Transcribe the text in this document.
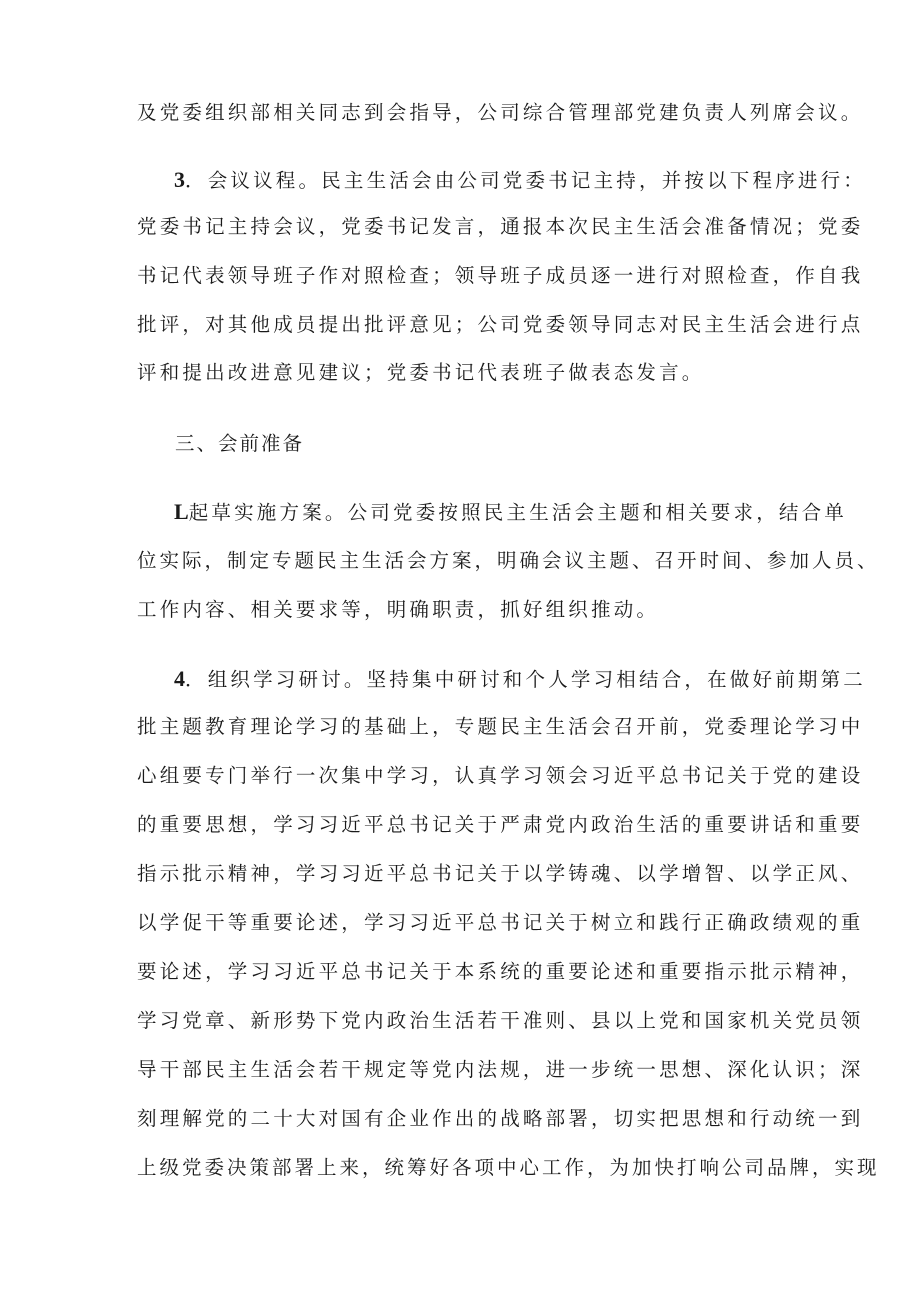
及党委组织部相关同志到会指导，公司综合管理部党建负责人列席会议。
3．会议议程。民主生活会由公司党委书记主持，并按以下程序进行：
党委书记主持会议，党委书记发言，通报本次民主生活会准备情况；党委
书记代表领导班子作对照检查；领导班子成员逐一进行对照检查，作自我
批评，对其他成员提出批评意见；公司党委领导同志对民主生活会进行点
评和提出改进意见建议；党委书记代表班子做表态发言。
三、会前准备
L起草实施方案。公司党委按照民主生活会主题和相关要求，结合单
位实际，制定专题民主生活会方案，明确会议主题、召开时间、参加人员、
工作内容、相关要求等，明确职责，抓好组织推动。
4．组织学习研讨。坚持集中研讨和个人学习相结合，在做好前期第二
批主题教育理论学习的基础上，专题民主生活会召开前，党委理论学习中
心组要专门举行一次集中学习，认真学习领会习近平总书记关于党的建设
的重要思想，学习习近平总书记关于严肃党内政治生活的重要讲话和重要
指示批示精神，学习习近平总书记关于以学铸魂、以学增智、以学正风、
以学促干等重要论述，学习习近平总书记关于树立和践行正确政绩观的重
要论述，学习习近平总书记关于本系统的重要论述和重要指示批示精神，
学习党章、新形势下党内政治生活若干准则、县以上党和国家机关党员领
导干部民主生活会若干规定等党内法规，进一步统一思想、深化认识；深
刻理解党的二十大对国有企业作出的战略部署，切实把思想和行动统一到
上级党委决策部署上来，统筹好各项中心工作，为加快打响公司品牌，实现
